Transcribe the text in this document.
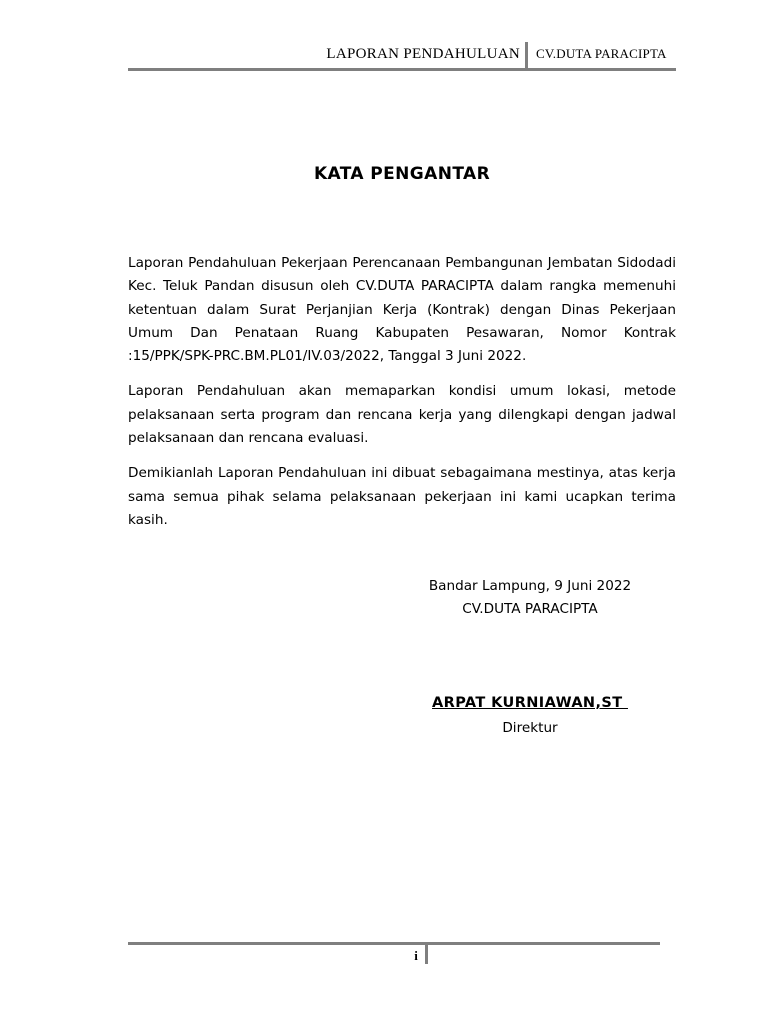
LAPORAN PENDAHULUAN CV.DUTA PARACIPTA
KATA PENGANTAR

Laporan Pendahuluan Pekerjaan Perencanaan Pembangunan Jembatan Sidodadi Kec. Teluk Pandan disusun oleh CV.DUTA PARACIPTA dalam rangka memenuhi ketentuan dalam Surat Perjanjian Kerja (Kontrak) dengan Dinas Pekerjaan Umum Dan Penataan Ruang Kabupaten Pesawaran, Nomor Kontrak :15/PPK/SPK-PRC.BM.PL01/IV.03/2022, Tanggal 3 Juni 2022.

Laporan Pendahuluan akan memaparkan kondisi umum lokasi, metode pelaksanaan serta program dan rencana kerja yang dilengkapi dengan jadwal pelaksanaan dan rencana evaluasi.

Demikianlah Laporan Pendahuluan ini dibuat sebagaimana mestinya, atas kerja sama semua pihak selama pelaksanaan pekerjaan ini kami ucapkan terima kasih.

Bandar Lampung, 9 Juni 2022
CV.DUTA PARACIPTA
ARPAT KURNIAWAN,ST
Direktur
i
